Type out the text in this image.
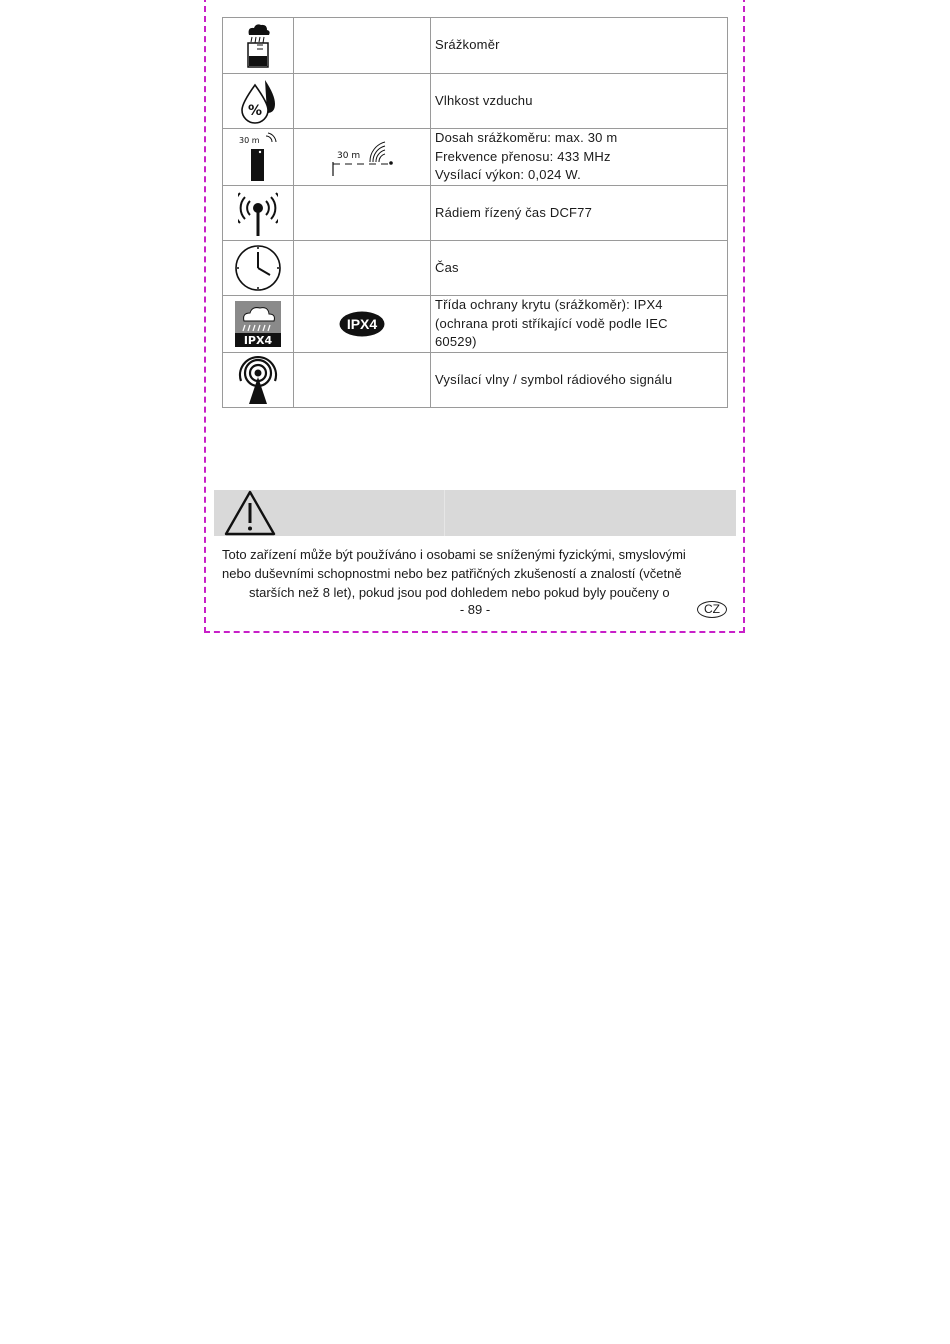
Srážkoměr

%		Vlhkost vzduchu

30 m	30 m	Dosah srážkoměru: max. 30 m
Frekvence přenosu: 433 MHz
Vysílací výkon: 0,024 W.

Rádiem řízený čas DCF77

Čas

IPX4	IPX4	Třída ochrany krytu (srážkoměr): IPX4
(ochrana proti stříkající vodě podle IEC
60529)

Vysílací vlny / symbol rádiového signálu
Toto zařízení může být používáno i osobami se sníženými fyzickými, smyslovými
nebo duševními schopnostmi nebo bez patřičných zkušeností a znalostí (včetně
starších než 8 let), pokud jsou pod dohledem nebo pokud byly poučeny o
- 89 -	CZ
